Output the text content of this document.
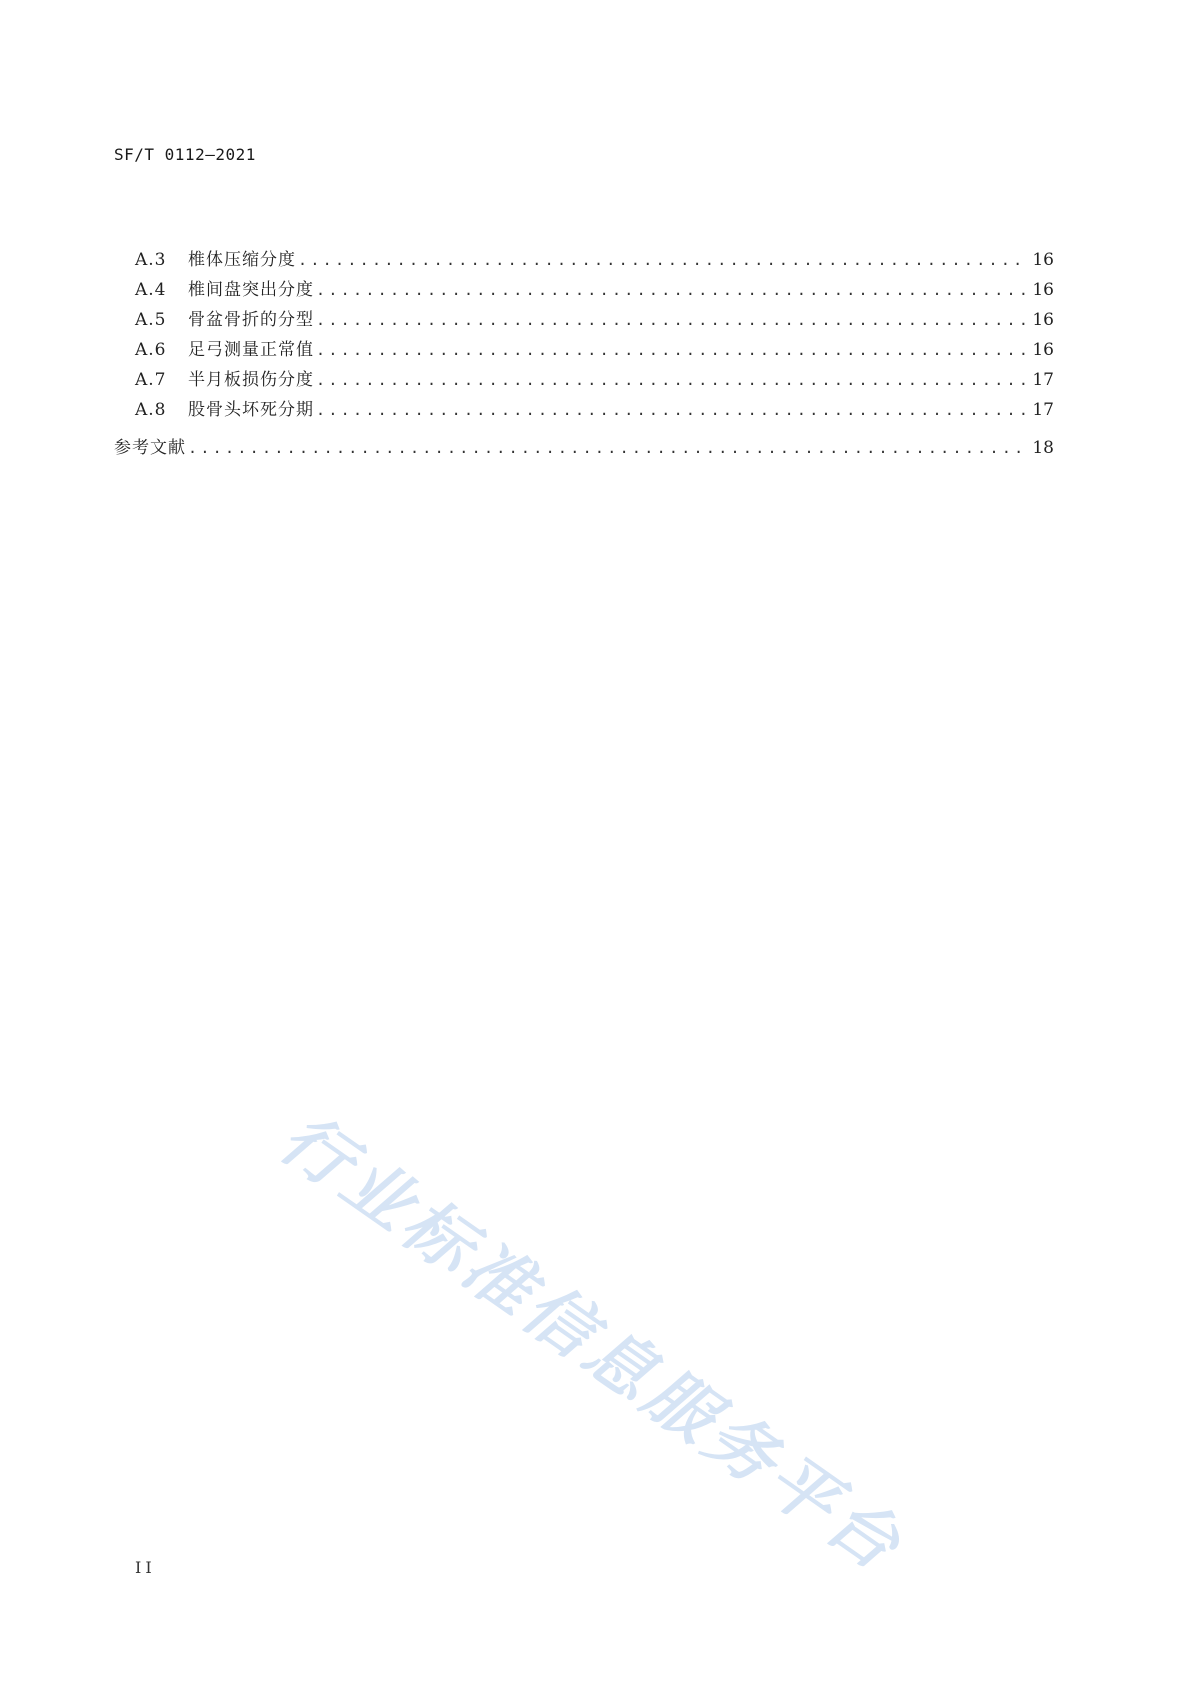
SF/T 0112—2021
A.3	椎体压缩分度 .....	16
A.4	椎间盘突出分度 .....	16
A.5	骨盆骨折的分型 .....	16
A.6	足弓测量正常值 .....	16
A.7	半月板损伤分度 .....	17
A.8	股骨头坏死分期 .....	17
参考文献 .....	18
行业标准信息服务平台
II
